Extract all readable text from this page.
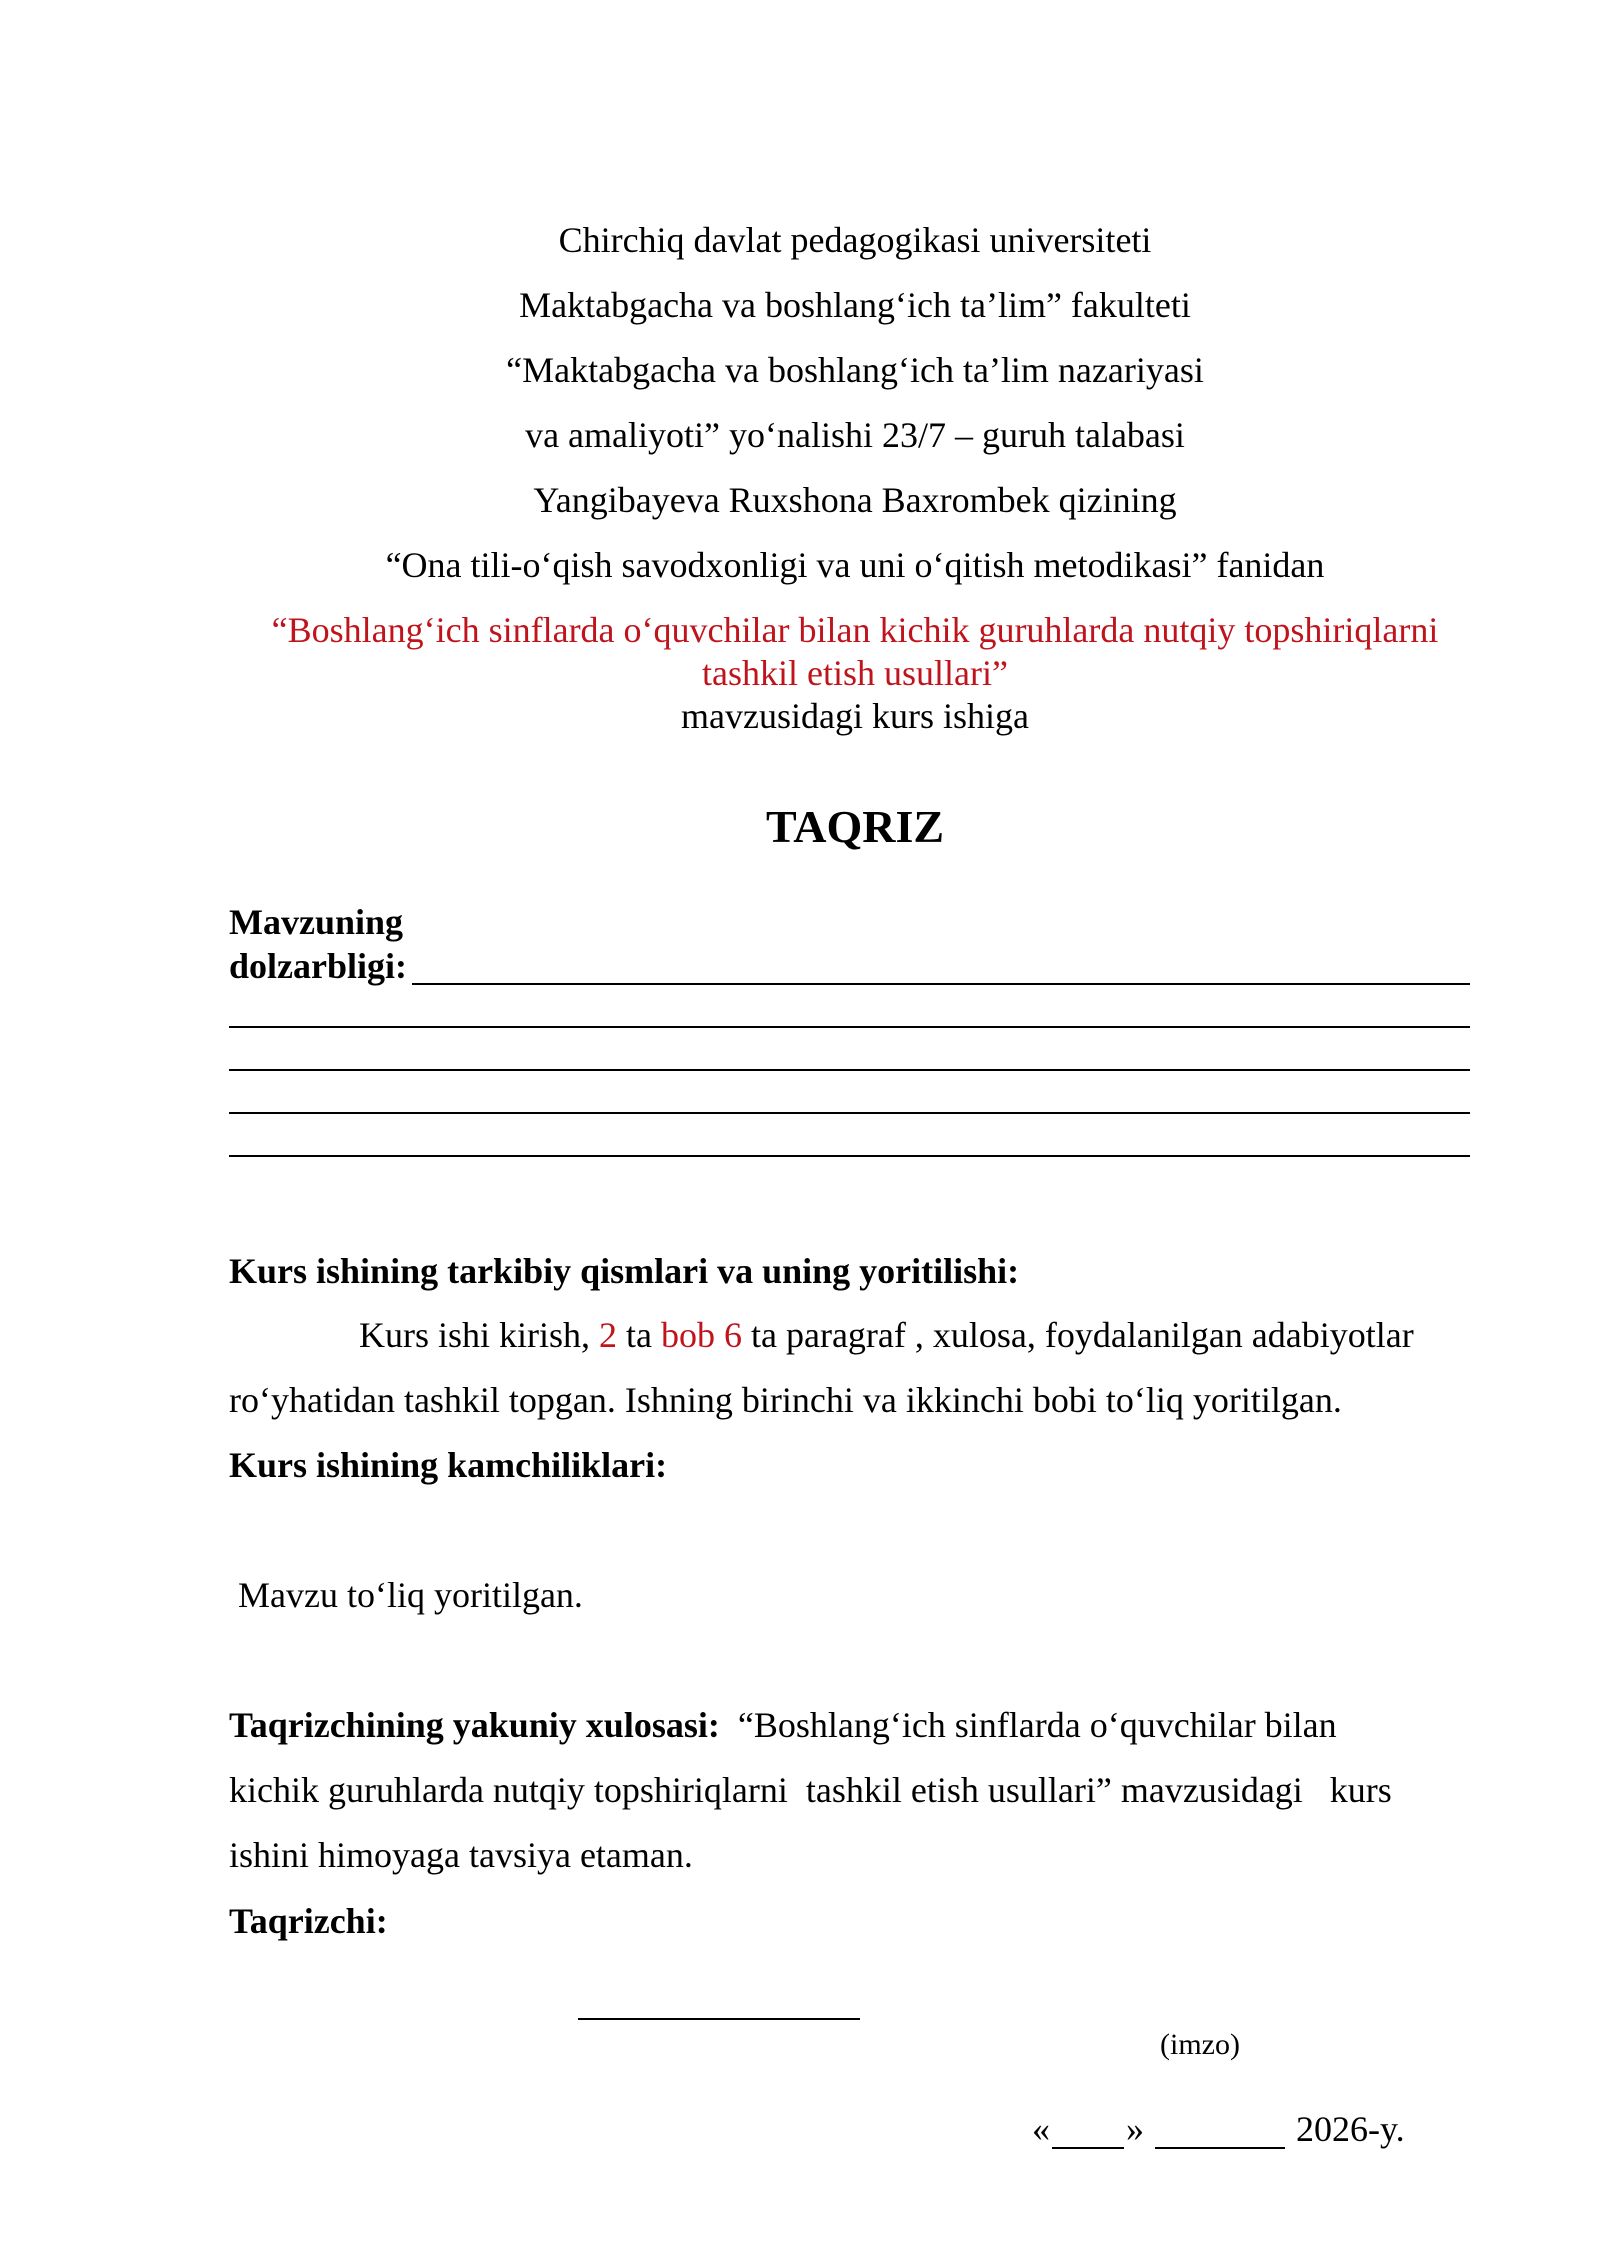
Chirchiq davlat pedagogikasi universiteti

Maktabgacha va boshlang‘ich ta’lim” fakulteti

“Maktabgacha va boshlang‘ich ta’lim nazariyasi

va amaliyoti” yo‘nalishi 23/7 – guruh talabasi

Yangibayeva Ruxshona Baxrombek qizining

“Ona tili-o‘qish savodxonligi va uni o‘qitish metodikasi” fanidan

“Boshlang‘ich sinflarda o‘quvchilar bilan kichik guruhlarda nutqiy topshiriqlarni

tashkil etish usullari”

mavzusidagi kurs ishiga

TAQRIZ

Mavzuning

dolzarbligi:

Kurs ishining tarkibiy qismlari va uning yoritilishi:

Kurs ishi kirish, 2 ta bob 6 ta paragraf , xulosa, foydalanilgan adabiyotlar

ro‘yhatidan tashkil topgan. Ishning birinchi va ikkinchi bobi to‘liq yoritilgan.

Kurs ishining kamchiliklari:

Mavzu to‘liq yoritilgan.

Taqrizchining yakuniy xulosasi: “Boshlang‘ich sinflarda o‘quvchilar bilan

kichik guruhlarda nutqiy topshiriqlarni  tashkil etish usullari” mavzusidagi   kurs

ishini himoyaga tavsiya etaman.

Taqrizchi:

(imzo)

« »	2026-y.
